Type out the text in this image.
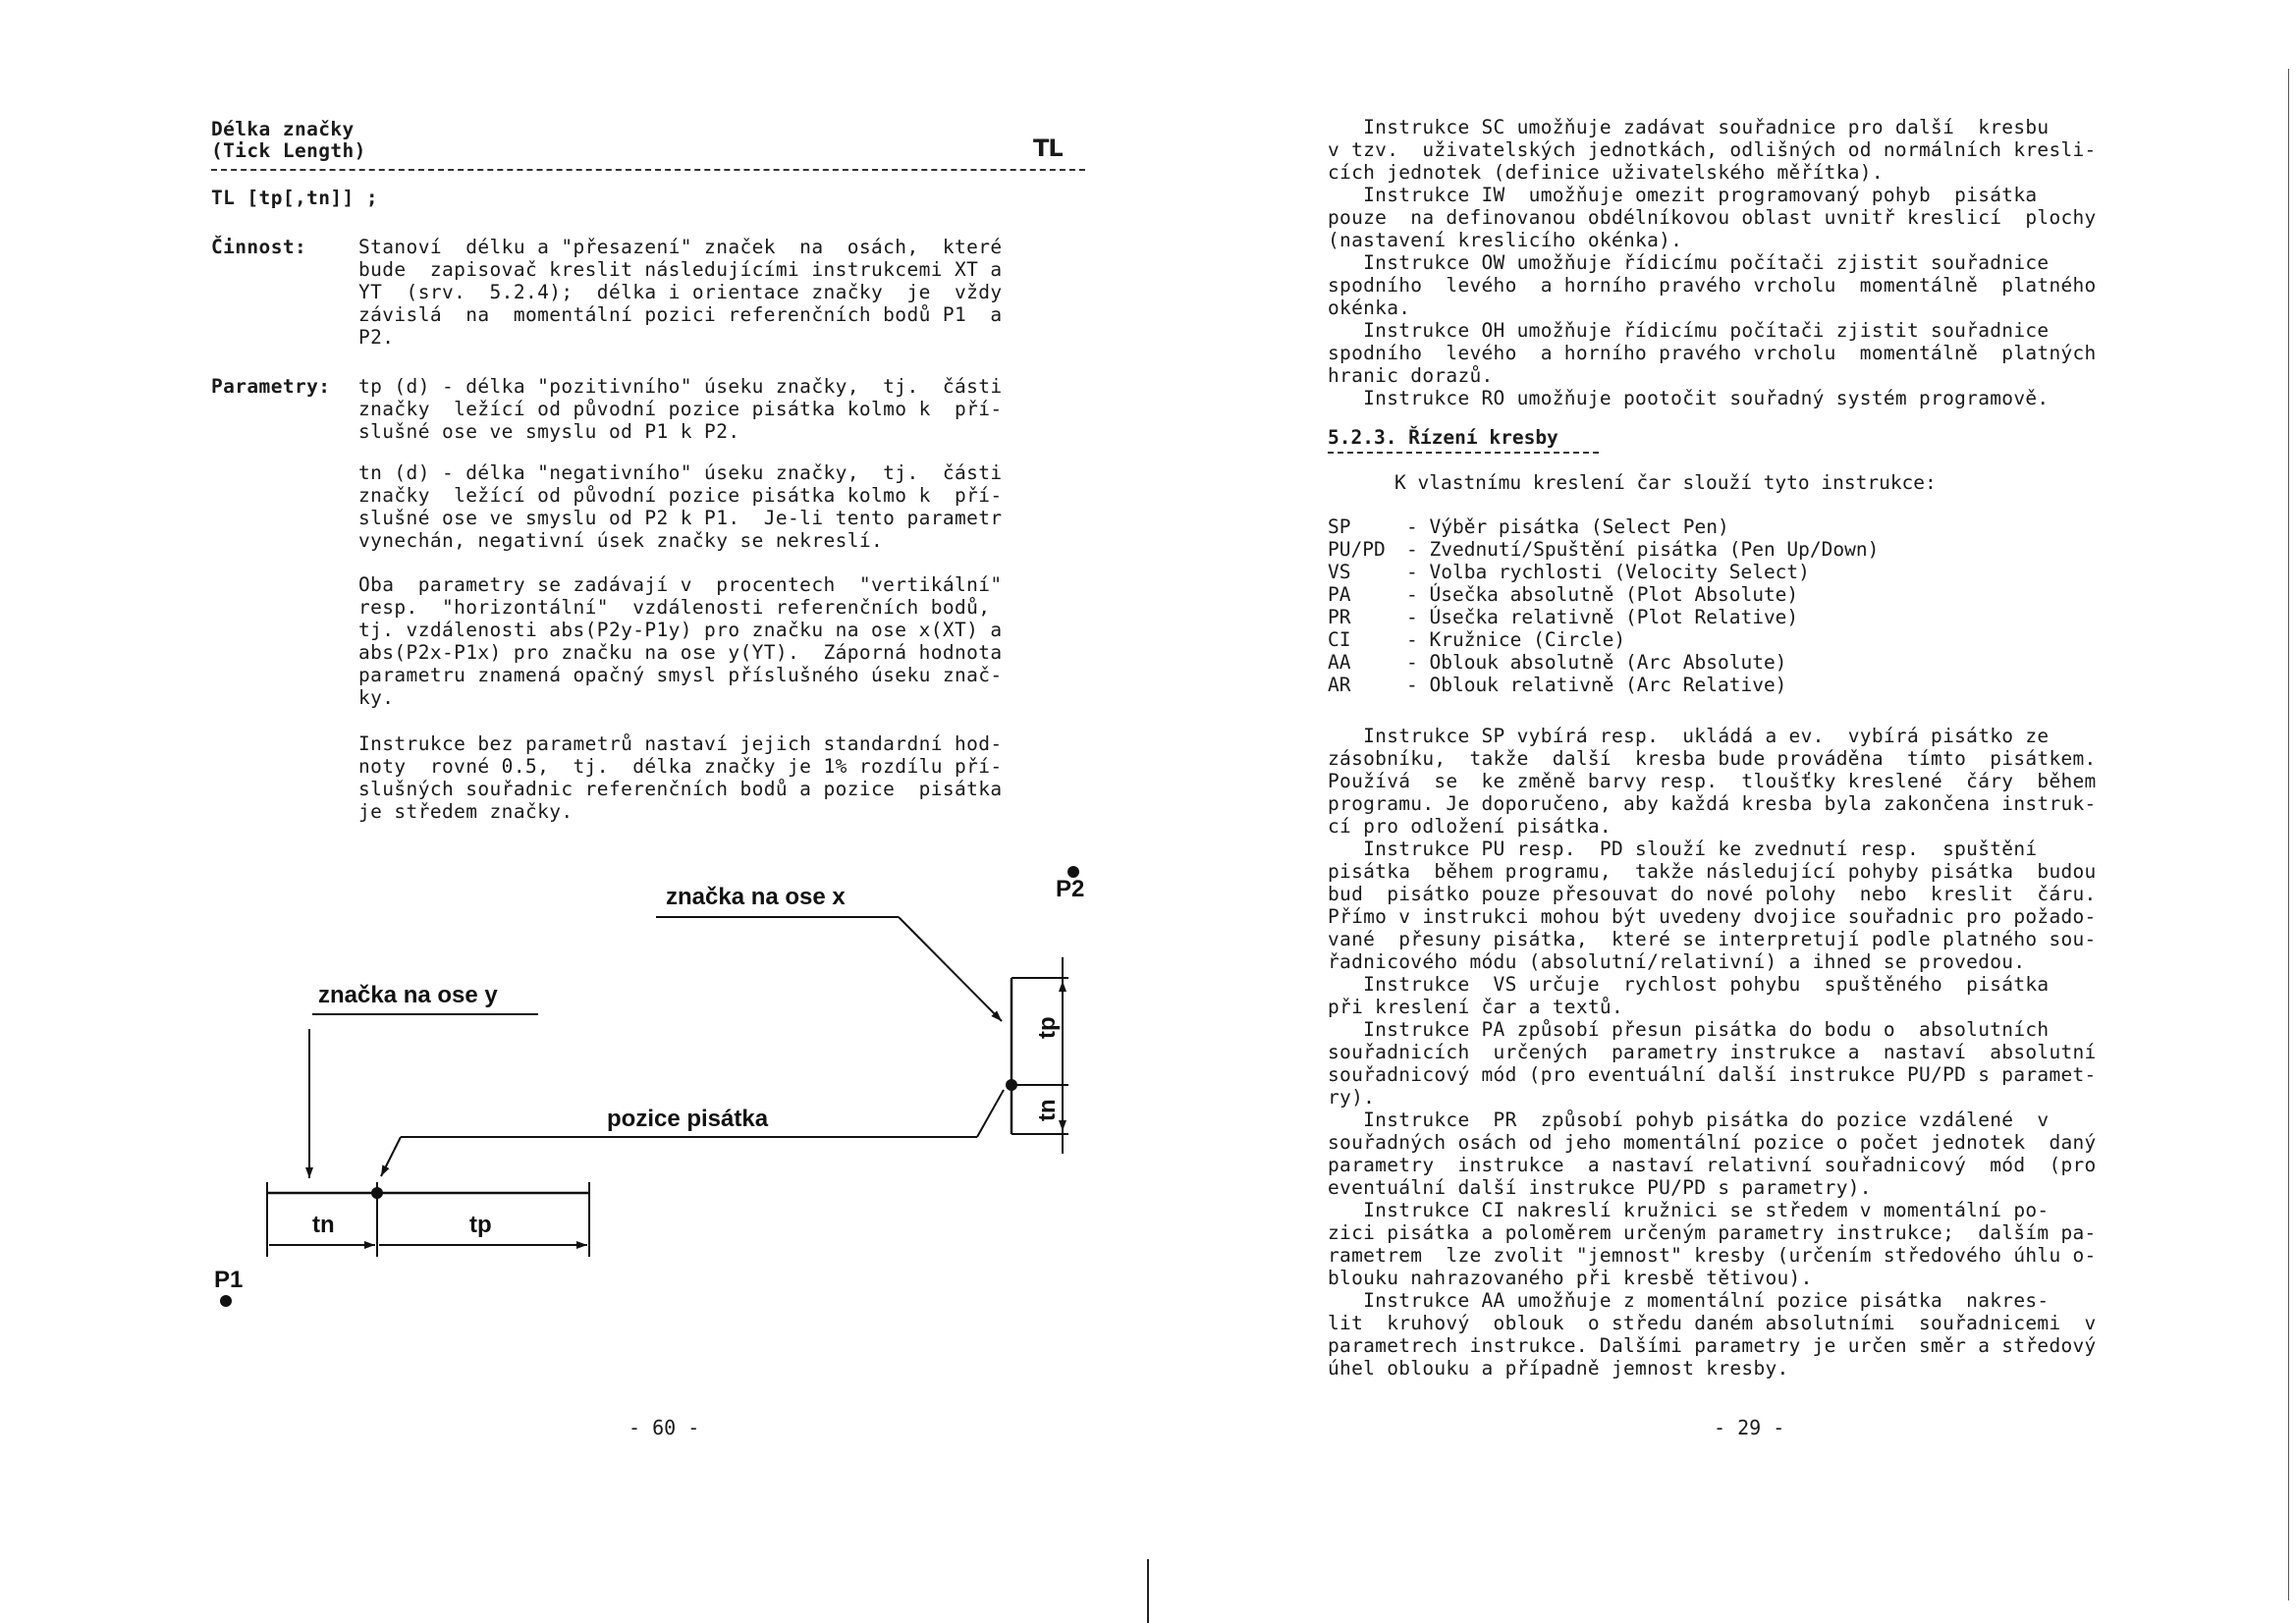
Délka značky
(Tick Length)	TL
TL [tp[,tn]] ;
Činnost:	Stanoví  délku a "přesazení" značek  na  osách,  které
bude  zapisovač kreslit následujícími instrukcemi XT a
YT  (srv.  5.2.4);  délka i orientace značky  je  vždy
závislá  na  momentální pozici referenčních bodů P1  a
P2.
Parametry: tp (d) - délka "pozitivního" úseku značky,  tj.  části
značky  ležící od původní pozice pisátka kolmo k  pří-
slušné osе ve smyslu od P1 k P2.
tn (d) - délka "negativního" úseku značky,  tj.  části
značky  ležící od původní pozice pisátka kolmo k  pří-
slušné ose ve smyslu od P2 k P1.  Je-li tento parametr
vynechán, negativní úsek značky se nekreslí.
Oba  parametry se zadávají v  procentech  "vertikální"
resp.  "horizontální"  vzdálenosti referenčních bodů,
tj. vzdálenosti abs(P2y-P1y) pro značku na ose x(XT) a
abs(P2x-P1x) pro značku na ose y(YT).  Záporná hodnota
parametru znamená opačný smysl příslušného úseku znač-
ky.
Instrukce bez parametrů nastaví jejich standardní hod-
noty  rovné 0.5,  tj.  délka značky je 1% rozdílu pří-
slušných souřadnic referenčních bodů a pozice  pisátka
je středem značky.
tp
tn
značka na ose x
značka na ose y
pozice pisátka
tn	tp
P1
P2
- 60 -
Instrukce SC umožňuje zadávat souřadnice pro další  kresbu
v tzv.  uživatelských jednotkách, odlišných od normálních kresli-
cích jednotek (definice uživatelského měřítka).
Instrukce IW  umožňuje omezit programovaný pohyb  pisátka
pouze  na definovanou obdélníkovou oblast uvnitř kreslicí  plochy
(nastavení kreslicího okénka).
Instrukce OW umožňuje řídicímu počítači zjistit souřadnice
spodního  levého  a horního pravého vrcholu  momentálně  platného
okénka.
Instrukce OH umožňuje řídicímu počítači zjistit souřadnice
spodního  levého  a horního pravého vrcholu  momentálně  platných
hranic dorazů.
Instrukce RO umožňuje pootočit souřadný systém programově.
5.2.3. Řízení kresby
K vlastnímu kreslení čar slouží tyto instrukce:
SP	- Výběr pisátka (Select Pen)
PU/PD	- Zvednutí/Spuštění pisátka (Pen Up/Down)
VS	- Volba rychlosti (Velocity Select)
PA	- Úsečka absolutně (Plot Absolute)
PR	- Úsečka relativně (Plot Relative)
CI	- Kružnice (Circle)
AA	- Oblouk absolutně (Arc Absolute)
AR	- Oblouk relativně (Arc Relative)
Instrukce SP vybírá resp.  ukládá a ev.  vybírá pisátko ze
zásobníku,  takže  další  kresba bude prováděna  tímto  pisátkem.
Používá  se  ke změně barvy resp.  tloušťky kreslené  čáry  během
programu. Je doporučeno, aby každá kresba byla zakončena instruk-
cí pro odložení pisátka.
Instrukce PU resp.  PD slouží ke zvednutí resp.  spuštění
pisátka  během programu,  takže následující pohyby pisátka  budou
bud  pisátko pouze přesouvat do nové polohy  nebo  kreslit  čáru.
Přímo v instrukci mohou být uvedeny dvojice souřadnic pro požado-
vané  přesuny pisátka,  které se interpretují podle platného sou-
řadnicového módu (absolutní/relativní) a ihned se provedou.
Instrukce  VS určuje  rychlost pohybu  spuštěného  pisátka
při kreslení čar a textů.
Instrukce PA způsobí přesun pisátka do bodu o  absolutních
souřadnicích  určených  parametry instrukce a  nastaví  absolutní
souřadnicový mód (pro eventuální další instrukce PU/PD s paramet-
ry).
Instrukce  PR  způsobí pohyb pisátka do pozice vzdálené  v
souřadných osách od jeho momentální pozice o počet jednotek  daný
parametry  instrukce  a nastaví relativní souřadnicový  mód  (pro
eventuální další instrukce PU/PD s parametry).
Instrukce CI nakreslí kružnici se středem v momentální po-
zici pisátka a poloměrem určeným parametry instrukce;  dalším pa-
rametrem  lze zvolit "jemnost" kresby (určením středového úhlu o-
blouku nahrazovaného při kresbě tětivou).
Instrukce AA umožňuje z momentální pozice pisátka  nakres-
lit  kruhový  oblouk  o středu daném absolutními  souřadnicemi  v
parametrech instrukce. Dalšími parametry je určen směr a středový
úhel oblouku a případně jemnost kresby.
- 29 -
